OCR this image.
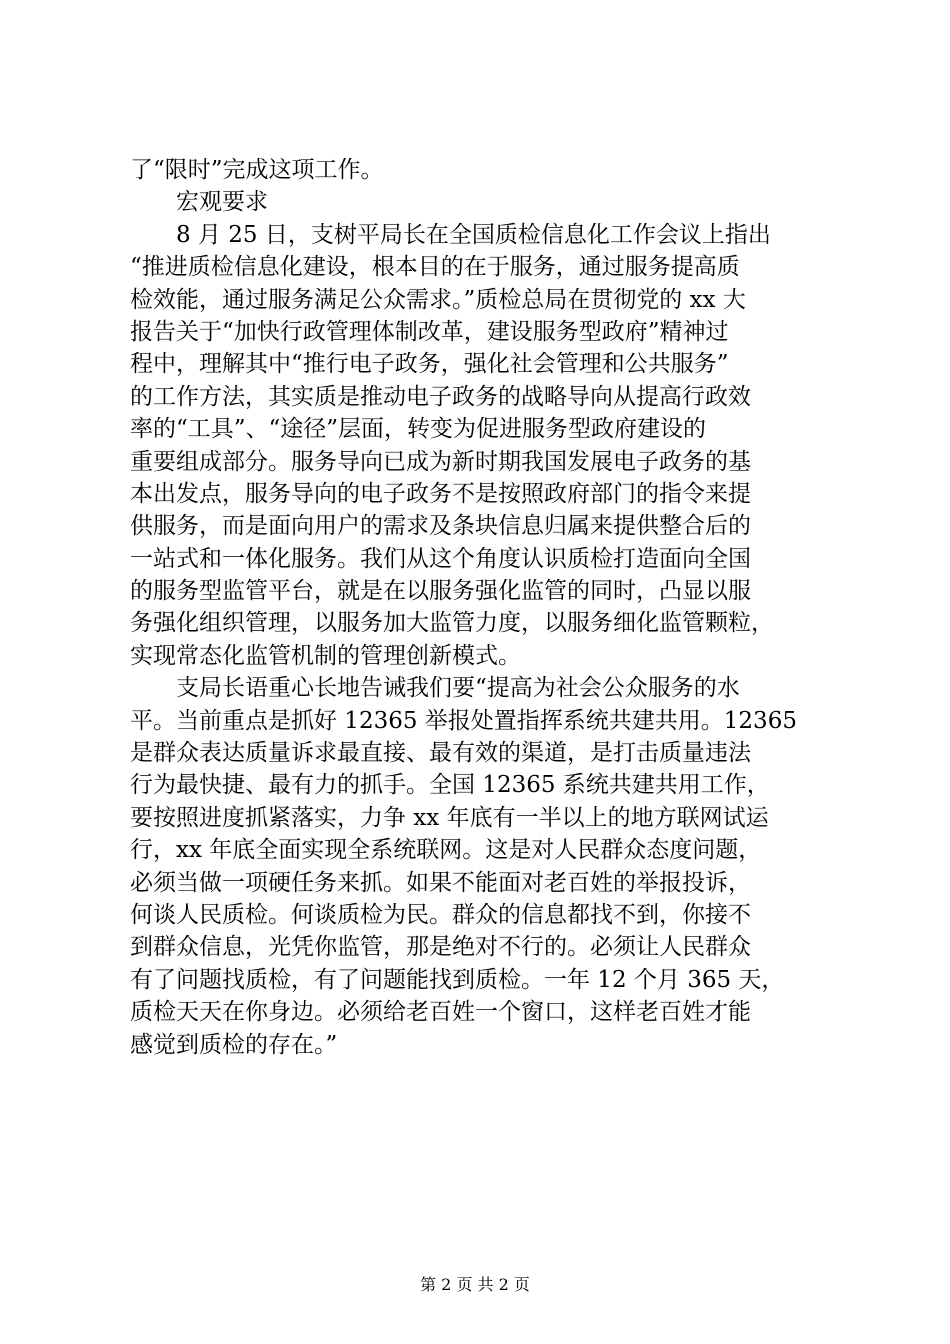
了“限时”完成这项工作。
宏观要求
8 月 25 日，支树平局长在全国质检信息化工作会议上指出
“推进质检信息化建设，根本目的在于服务，通过服务提高质
检效能，通过服务满足公众需求。”质检总局在贯彻党的 xx 大
报告关于“加快行政管理体制改革，建设服务型政府”精神过
程中，理解其中“推行电子政务，强化社会管理和公共服务”
的工作方法，其实质是推动电子政务的战略导向从提高行政效
率的“工具”、“途径”层面，转变为促进服务型政府建设的
重要组成部分。服务导向已成为新时期我国发展电子政务的基
本出发点，服务导向的电子政务不是按照政府部门的指令来提
供服务，而是面向用户的需求及条块信息归属来提供整合后的
一站式和一体化服务。我们从这个角度认识质检打造面向全国
的服务型监管平台，就是在以服务强化监管的同时，凸显以服
务强化组织管理，以服务加大监管力度，以服务细化监管颗粒，
实现常态化监管机制的管理创新模式。
支局长语重心长地告诫我们要“提高为社会公众服务的水
平。当前重点是抓好 12365 举报处置指挥系统共建共用。12365
是群众表达质量诉求最直接、最有效的渠道，是打击质量违法
行为最快捷、最有力的抓手。全国 12365 系统共建共用工作，
要按照进度抓紧落实，力争 xx 年底有一半以上的地方联网试运
行，xx 年底全面实现全系统联网。这是对人民群众态度问题，
必须当做一项硬任务来抓。如果不能面对老百姓的举报投诉，
何谈人民质检。何谈质检为民。群众的信息都找不到，你接不
到群众信息，光凭你监管，那是绝对不行的。必须让人民群众
有了问题找质检，有了问题能找到质检。一年 12 个月 365 天，
质检天天在你身边。必须给老百姓一个窗口，这样老百姓才能
感觉到质检的存在。”
第 2 页 共 2 页
